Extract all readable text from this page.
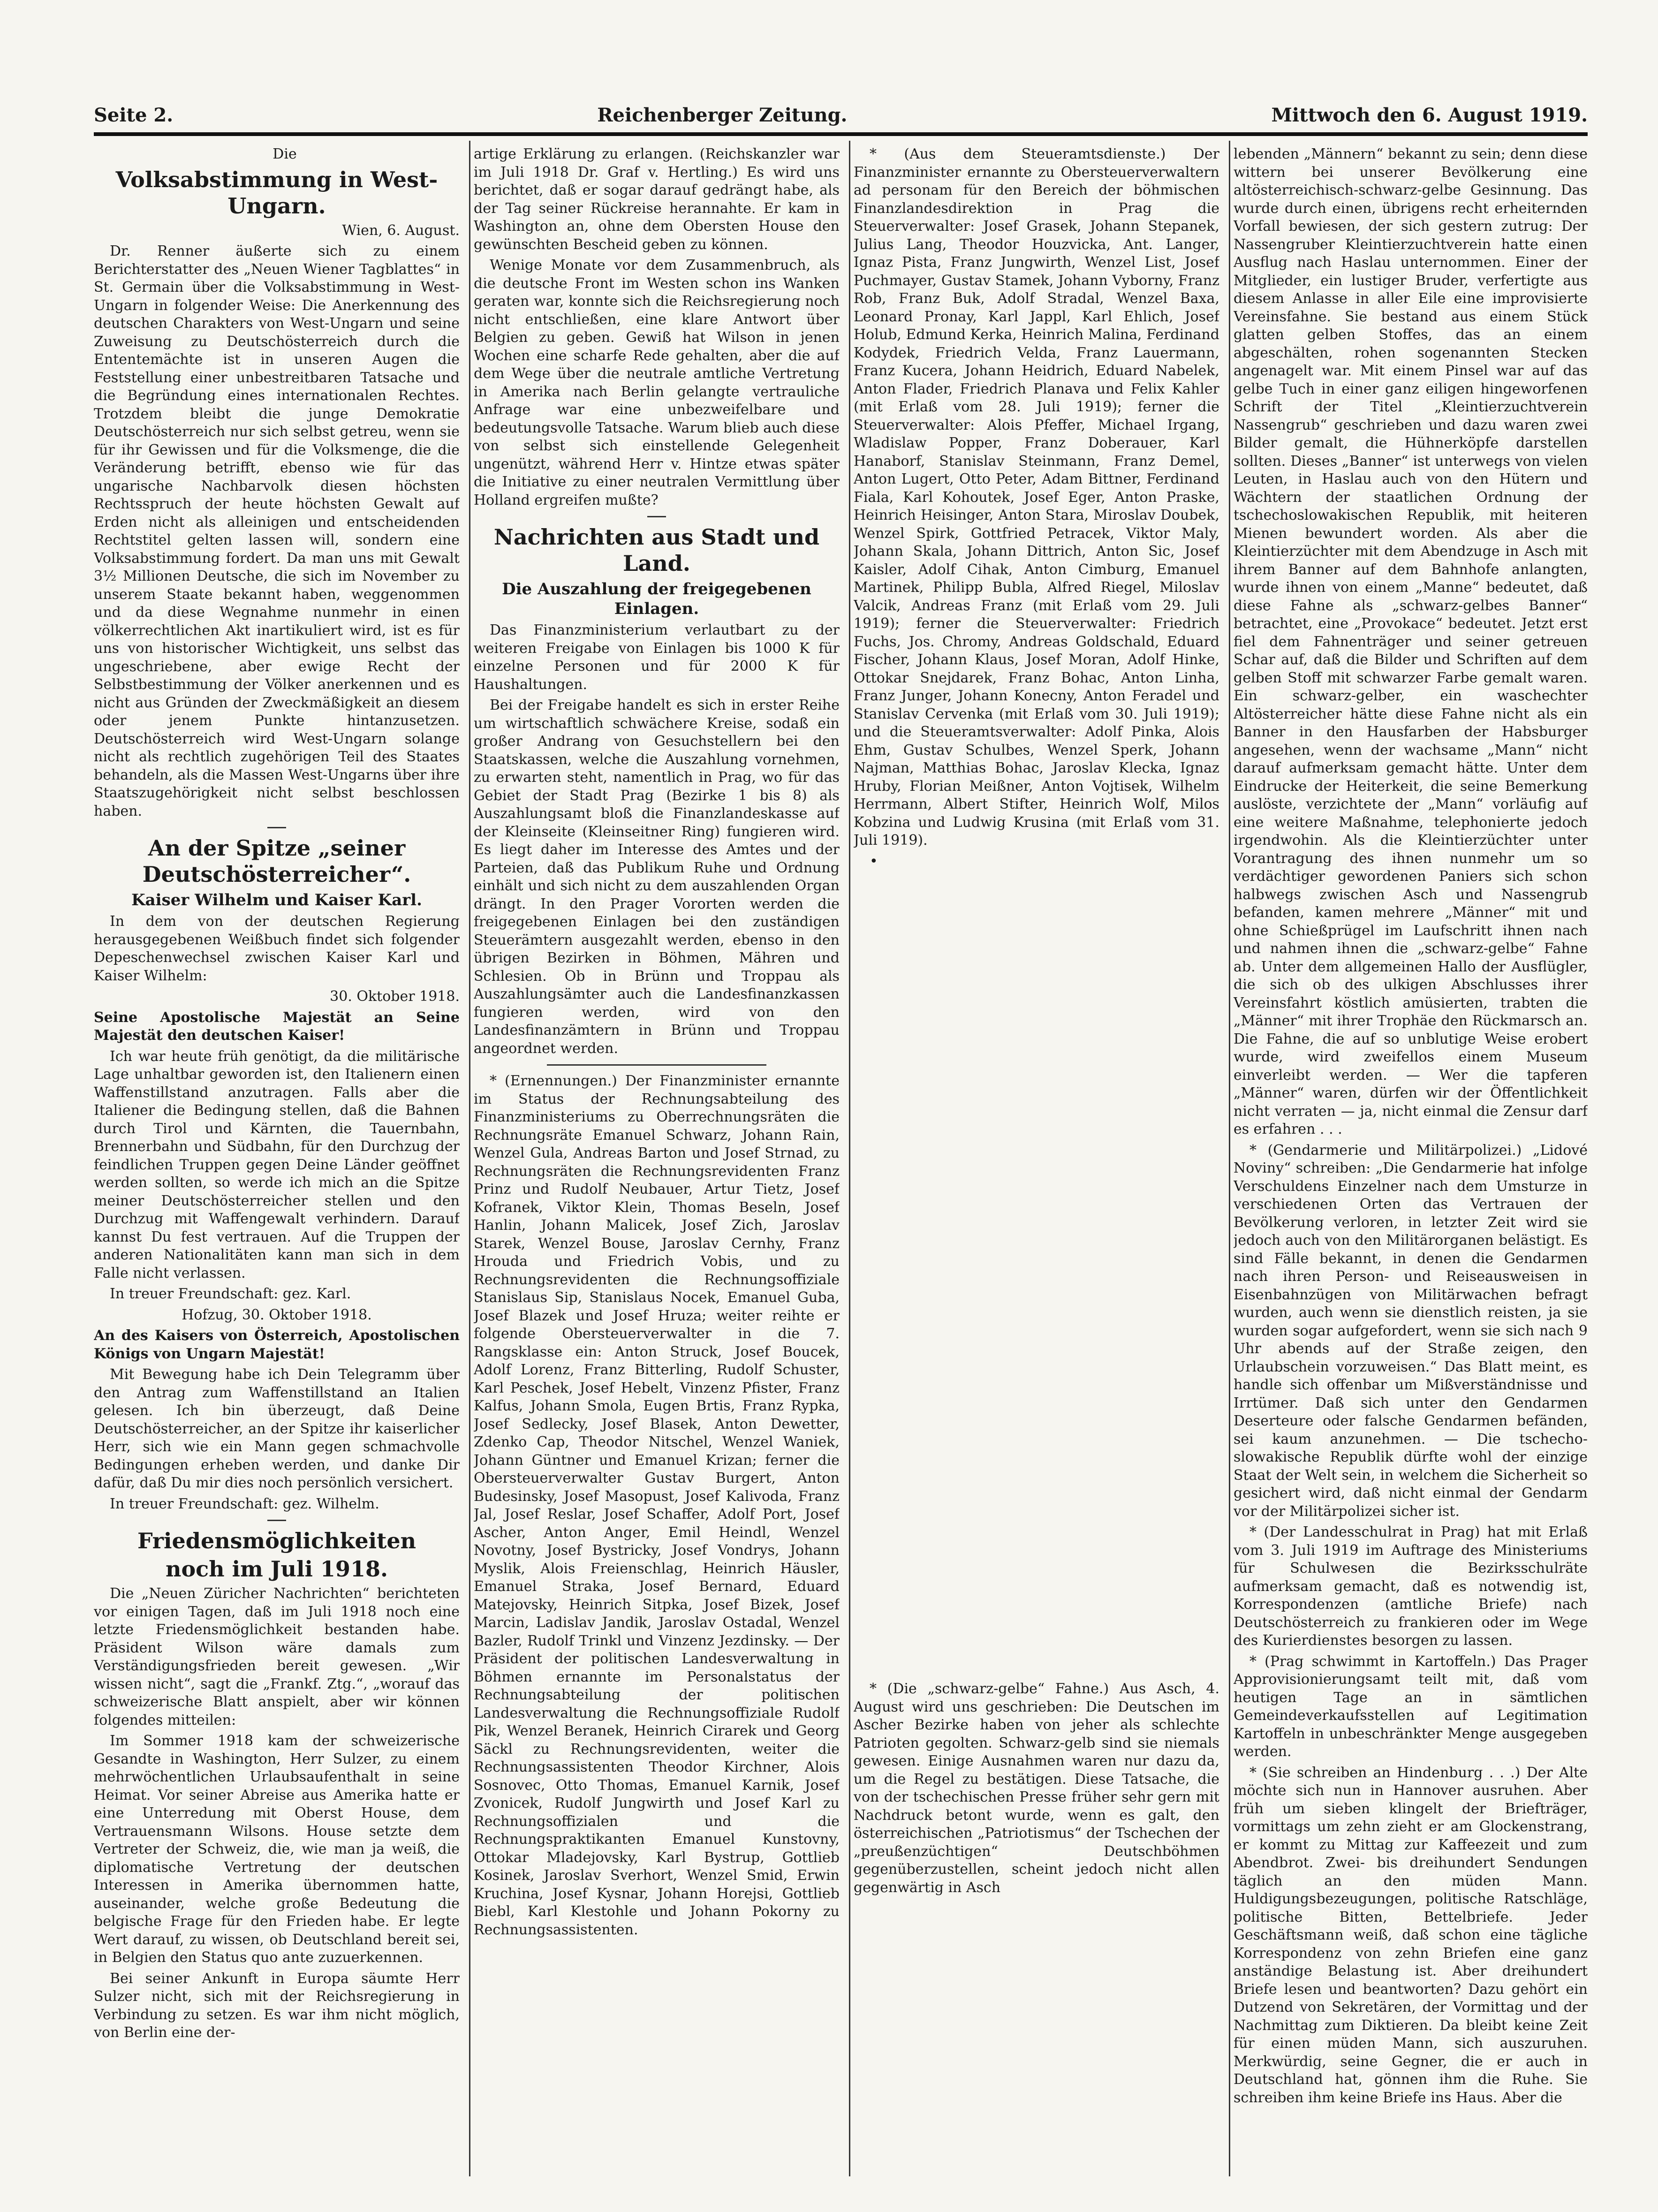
Seite 2.	Reichenberger Zeitung.	Mittwoch den 6. August 1919.

Die

Volksabstimmung in West-Ungarn.

Wien, 6. August.

Dr. Renner äußerte sich zu einem Berichterstatter des „Neuen Wiener Tagblattes“ in St. Germain über die Volksabstimmung in West-Ungarn in folgender Weise: Die Anerkennung des deutschen Charakters von West-Ungarn und seine Zuweisung zu Deutschösterreich durch die Ententemächte ist in unseren Augen die Feststellung einer unbestreitbaren Tatsache und die Begründung eines internationalen Rechtes. Trotzdem bleibt die junge Demokratie Deutschösterreich nur sich selbst getreu, wenn sie für ihr Gewissen und für die Volksmenge, die die Veränderung betrifft, ebenso wie für das ungarische Nachbarvolk diesen höchsten Rechtsspruch der heute höchsten Gewalt auf Erden nicht als alleinigen und entscheidenden Rechtstitel gelten lassen will, sondern eine Volksabstimmung fordert. Da man uns mit Gewalt 3½ Millionen Deutsche, die sich im November zu unserem Staate bekannt haben, weggenommen und da diese Wegnahme nunmehr in einen völkerrechtlichen Akt inartikuliert wird, ist es für uns von historischer Wichtigkeit, uns selbst das ungeschriebene, aber ewige Recht der Selbstbestimmung der Völker anerkennen und es nicht aus Gründen der Zweckmäßigkeit an diesem oder jenem Punkte hintanzusetzen. Deutschösterreich wird West-Ungarn solange nicht als rechtlich zugehörigen Teil des Staates behandeln, als die Massen West-Ungarns über ihre Staatszugehörigkeit nicht selbst beschlossen haben.

An der Spitze „seiner Deutschösterreicher“.
Kaiser Wilhelm und Kaiser Karl.

In dem von der deutschen Regierung herausgegebenen Weißbuch findet sich folgender Depeschenwechsel zwischen Kaiser Karl und Kaiser Wilhelm:

30. Oktober 1918.

Seine Apostolische Majestät an Seine Majestät den deutschen Kaiser!

Ich war heute früh genötigt, da die militärische Lage unhaltbar geworden ist, den Italienern einen Waffenstillstand anzutragen. Falls aber die Italiener die Bedingung stellen, daß die Bahnen durch Tirol und Kärnten, die Tauernbahn, Brennerbahn und Südbahn, für den Durchzug der feindlichen Truppen gegen Deine Länder geöffnet werden sollten, so werde ich mich an die Spitze meiner Deutschösterreicher stellen und den Durchzug mit Waffengewalt verhindern. Darauf kannst Du fest vertrauen. Auf die Truppen der anderen Nationalitäten kann man sich in dem Falle nicht verlassen.

In treuer Freundschaft: gez. Karl.

Hofzug, 30. Oktober 1918.

An des Kaisers von Österreich, Apostolischen Königs von Ungarn Majestät!

Mit Bewegung habe ich Dein Telegramm über den Antrag zum Waffenstillstand an Italien gelesen. Ich bin überzeugt, daß Deine Deutschösterreicher, an der Spitze ihr kaiserlicher Herr, sich wie ein Mann gegen schmachvolle Bedingungen erheben werden, und danke Dir dafür, daß Du mir dies noch persönlich versichert.

In treuer Freundschaft: gez. Wilhelm.

Friedensmöglichkeiten
noch im Juli 1918.

Die „Neuen Züricher Nachrichten“ berichteten vor einigen Tagen, daß im Juli 1918 noch eine letzte Friedensmöglichkeit bestanden habe. Präsident Wilson wäre damals zum Verständigungsfrieden bereit gewesen. „Wir wissen nicht“, sagt die „Frankf. Ztg.“, „worauf das schweizerische Blatt anspielt, aber wir können folgendes mitteilen:

Im Sommer 1918 kam der schweizerische Gesandte in Washington, Herr Sulzer, zu einem mehrwöchentlichen Urlaubsaufenthalt in seine Heimat. Vor seiner Abreise aus Amerika hatte er eine Unterredung mit Oberst House, dem Vertrauensmann Wilsons. House setzte dem Vertreter der Schweiz, die, wie man ja weiß, die diplomatische Vertretung der deutschen Interessen in Amerika übernommen hatte, auseinander, welche große Bedeutung die belgische Frage für den Frieden habe. Er legte Wert darauf, zu wissen, ob Deutschland bereit sei, in Belgien den Status quo ante zuzuerkennen.

Bei seiner Ankunft in Europa säumte Herr Sulzer nicht, sich mit der Reichsregierung in Verbindung zu setzen. Es war ihm nicht möglich, von Berlin eine der-

artige Erklärung zu erlangen. (Reichskanzler war im Juli 1918 Dr. Graf v. Hertling.) Es wird uns berichtet, daß er sogar darauf gedrängt habe, als der Tag seiner Rückreise herannahte. Er kam in Washington an, ohne dem Obersten House den gewünschten Bescheid geben zu können.

Wenige Monate vor dem Zusammenbruch, als die deutsche Front im Westen schon ins Wanken geraten war, konnte sich die Reichsregierung noch nicht entschließen, eine klare Antwort über Belgien zu geben. Gewiß hat Wilson in jenen Wochen eine scharfe Rede gehalten, aber die auf dem Wege über die neutrale amtliche Vertretung in Amerika nach Berlin gelangte vertrauliche Anfrage war eine unbezweifelbare und bedeutungsvolle Tatsache. Warum blieb auch diese von selbst sich einstellende Gelegenheit ungenützt, während Herr v. Hintze etwas später die Initiative zu einer neutralen Vermittlung über Holland ergreifen mußte?

Nachrichten aus Stadt und Land.
Die Auszahlung der freigegebenen Einlagen.

Das Finanzministerium verlautbart zu der weiteren Freigabe von Einlagen bis 1000 K für einzelne Personen und für 2000 K für Haushaltungen.

Bei der Freigabe handelt es sich in erster Reihe um wirtschaftlich schwächere Kreise, sodaß ein großer Andrang von Gesuchstellern bei den Staatskassen, welche die Auszahlung vornehmen, zu erwarten steht, namentlich in Prag, wo für das Gebiet der Stadt Prag (Bezirke 1 bis 8) als Auszahlungsamt bloß die Finanzlandeskasse auf der Kleinseite (Kleinseitner Ring) fungieren wird. Es liegt daher im Interesse des Amtes und der Parteien, daß das Publikum Ruhe und Ordnung einhält und sich nicht zu dem auszahlenden Organ drängt. In den Prager Vororten werden die freigegebenen Einlagen bei den zuständigen Steuerämtern ausgezahlt werden, ebenso in den übrigen Bezirken in Böhmen, Mähren und Schlesien. Ob in Brünn und Troppau als Auszahlungsämter auch die Landesfinanzkassen fungieren werden, wird von den Landesfinanzämtern in Brünn und Troppau angeordnet werden.

* (Ernennungen.) Der Finanzminister ernannte im Status der Rechnungsabteilung des Finanzministeriums zu Oberrechnungsräten die Rechnungsräte Emanuel Schwarz, Johann Rain, Wenzel Gula, Andreas Barton und Josef Strnad, zu Rechnungsräten die Rechnungsrevidenten Franz Prinz und Rudolf Neubauer, Artur Tietz, Josef Kofranek, Viktor Klein, Thomas Beseln, Josef Hanlin, Johann Malicek, Josef Zich, Jaroslav Starek, Wenzel Bouse, Jaroslav Cernhy, Franz Hrouda und Friedrich Vobis, und zu Rechnungsrevidenten die Rechnungsoffiziale Stanislaus Sip, Stanislaus Nocek, Emanuel Guba, Josef Blazek und Josef Hruza; weiter reihte er folgende Obersteuerverwalter in die 7. Rangsklasse ein: Anton Struck, Josef Boucek, Adolf Lorenz, Franz Bitterling, Rudolf Schuster, Karl Peschek, Josef Hebelt, Vinzenz Pfister, Franz Kalfus, Johann Smola, Eugen Brtis, Franz Rypka, Josef Sedlecky, Josef Blasek, Anton Dewetter, Zdenko Cap, Theodor Nitschel, Wenzel Waniek, Johann Güntner und Emanuel Krizan; ferner die Obersteuerverwalter Gustav Burgert, Anton Budesinsky, Josef Masopust, Josef Kalivoda, Franz Jal, Josef Reslar, Josef Schaffer, Adolf Port, Josef Ascher, Anton Anger, Emil Heindl, Wenzel Novotny, Josef Bystricky, Josef Vondrys, Johann Myslik, Alois Freienschlag, Heinrich Häusler, Emanuel Straka, Josef Bernard, Eduard Matejovsky, Heinrich Sitpka, Josef Bizek, Josef Marcin, Ladislav Jandik, Jaroslav Ostadal, Wenzel Bazler, Rudolf Trinkl und Vinzenz Jezdinsky. — Der Präsident der politischen Landesverwaltung in Böhmen ernannte im Personalstatus der Rechnungsabteilung der politischen Landesverwaltung die Rechnungsoffiziale Rudolf Pik, Wenzel Beranek, Heinrich Cirarek und Georg Säckl zu Rechnungsrevidenten, weiter die Rechnungsassistenten Theodor Kirchner, Alois Sosnovec, Otto Thomas, Emanuel Karnik, Josef Zvonicek, Rudolf Jungwirth und Josef Karl zu Rechnungsoffizialen und die Rechnungspraktikanten Emanuel Kunstovny, Ottokar Mladejovsky, Karl Bystrup, Gottlieb Kosinek, Jaroslav Sverhort, Wenzel Smid, Erwin Kruchina, Josef Kysnar, Johann Horejsi, Gottlieb Biebl, Karl Klestohle und Johann Pokorny zu Rechnungsassistenten.

* (Aus dem Steueramtsdienste.) Der Finanzminister ernannte zu Obersteuerverwaltern ad personam für den Bereich der böhmischen Finanzlandesdirektion in Prag die Steuerverwalter: Josef Grasek, Johann Stepanek, Julius Lang, Theodor Houzvicka, Ant. Langer, Ignaz Pista, Franz Jungwirth, Wenzel List, Josef Puchmayer, Gustav Stamek, Johann Vyborny, Franz Rob, Franz Buk, Adolf Stradal, Wenzel Baxa, Leonard Pronay, Karl Jappl, Karl Ehlich, Josef Holub, Edmund Kerka, Heinrich Malina, Ferdinand Kodydek, Friedrich Velda, Franz Lauermann, Franz Kucera, Johann Heidrich, Eduard Nabelek, Anton Flader, Friedrich Planava und Felix Kahler (mit Erlaß vom 28. Juli 1919); ferner die Steuerverwalter: Alois Pfeffer, Michael Irgang, Wladislaw Popper, Franz Doberauer, Karl Hanaborf, Stanislav Steinmann, Franz Demel, Anton Lugert, Otto Peter, Adam Bittner, Ferdinand Fiala, Karl Kohoutek, Josef Eger, Anton Praske, Heinrich Heisinger, Anton Stara, Miroslav Doubek, Wenzel Spirk, Gottfried Petracek, Viktor Maly, Johann Skala, Johann Dittrich, Anton Sic, Josef Kaisler, Adolf Cihak, Anton Cimburg, Emanuel Martinek, Philipp Bubla, Alfred Riegel, Miloslav Valcik, Andreas Franz (mit Erlaß vom 29. Juli 1919); ferner die Steuerverwalter: Friedrich Fuchs, Jos. Chromy, Andreas Goldschald, Eduard Fischer, Johann Klaus, Josef Moran, Adolf Hinke, Ottokar Snejdarek, Franz Bohac, Anton Linha, Franz Junger, Johann Konecny, Anton Feradel und Stanislav Cervenka (mit Erlaß vom 30. Juli 1919); und die Steueramtsverwalter: Adolf Pinka, Alois Ehm, Gustav Schulbes, Wenzel Sperk, Johann Najman, Matthias Bohac, Jaroslav Klecka, Ignaz Hruby, Florian Meißner, Anton Vojtisek, Wilhelm Herrmann, Albert Stifter, Heinrich Wolf, Milos Kobzina und Ludwig Krusina (mit Erlaß vom 31. Juli 1919).

•

* (Die „schwarz-gelbe“ Fahne.) Aus Asch, 4. August wird uns geschrieben: Die Deutschen im Ascher Bezirke haben von jeher als schlechte Patrioten gegolten. Schwarz-gelb sind sie niemals gewesen. Einige Ausnahmen waren nur dazu da, um die Regel zu bestätigen. Diese Tatsache, die von der tschechischen Presse früher sehr gern mit Nachdruck betont wurde, wenn es galt, den österreichischen „Patriotismus“ der Tschechen der „preußenzüchtigen“ Deutschböhmen gegenüberzustellen, scheint jedoch nicht allen gegenwärtig in Asch

lebenden „Männern“ bekannt zu sein; denn diese wittern bei unserer Bevölkerung eine altösterreichisch-schwarz-gelbe Gesinnung. Das wurde durch einen, übrigens recht erheiternden Vorfall bewiesen, der sich gestern zutrug: Der Nassengruber Kleintierzuchtverein hatte einen Ausflug nach Haslau unternommen. Einer der Mitglieder, ein lustiger Bruder, verfertigte aus diesem Anlasse in aller Eile eine improvisierte Vereinsfahne. Sie bestand aus einem Stück glatten gelben Stoffes, das an einem abgeschälten, rohen sogenannten Stecken angenagelt war. Mit einem Pinsel war auf das gelbe Tuch in einer ganz eiligen hingeworfenen Schrift der Titel „Kleintierzuchtverein Nassengrub“ geschrieben und dazu waren zwei Bilder gemalt, die Hühnerköpfe darstellen sollten. Dieses „Banner“ ist unterwegs von vielen Leuten, in Haslau auch von den Hütern und Wächtern der staatlichen Ordnung der tschechoslowakischen Republik, mit heiteren Mienen bewundert worden. Als aber die Kleintierzüchter mit dem Abendzuge in Asch mit ihrem Banner auf dem Bahnhofe anlangten, wurde ihnen von einem „Manne“ bedeutet, daß diese Fahne als „schwarz-gelbes Banner“ betrachtet, eine „Provokace“ bedeutet. Jetzt erst fiel dem Fahnenträger und seiner getreuen Schar auf, daß die Bilder und Schriften auf dem gelben Stoff mit schwarzer Farbe gemalt waren. Ein schwarz-gelber, ein waschechter Altösterreicher hätte diese Fahne nicht als ein Banner in den Hausfarben der Habsburger angesehen, wenn der wachsame „Mann“ nicht darauf aufmerksam gemacht hätte. Unter dem Eindrucke der Heiterkeit, die seine Bemerkung auslöste, verzichtete der „Mann“ vorläufig auf eine weitere Maßnahme, telephonierte jedoch irgendwohin. Als die Kleintierzüchter unter Vorantragung des ihnen nunmehr um so verdächtiger gewordenen Paniers sich schon halbwegs zwischen Asch und Nassengrub befanden, kamen mehrere „Männer“ mit und ohne Schießprügel im Laufschritt ihnen nach und nahmen ihnen die „schwarz-gelbe“ Fahne ab. Unter dem allgemeinen Hallo der Ausflügler, die sich ob des ulkigen Abschlusses ihrer Vereinsfahrt köstlich amüsierten, trabten die „Männer“ mit ihrer Trophäe den Rückmarsch an. Die Fahne, die auf so unblutige Weise erobert wurde, wird zweifellos einem Museum einverleibt werden. — Wer die tapferen „Männer“ waren, dürfen wir der Öffentlichkeit nicht verraten — ja, nicht einmal die Zensur darf es erfahren . . .

* (Gendarmerie und Militärpolizei.) „Lidové Noviny“ schreiben: „Die Gendarmerie hat infolge Verschuldens Einzelner nach dem Umsturze in verschiedenen Orten das Vertrauen der Bevölkerung verloren, in letzter Zeit wird sie jedoch auch von den Militärorganen belästigt. Es sind Fälle bekannt, in denen die Gendarmen nach ihren Person- und Reiseausweisen in Eisenbahnzügen von Militärwachen befragt wurden, auch wenn sie dienstlich reisten, ja sie wurden sogar aufgefordert, wenn sie sich nach 9 Uhr abends auf der Straße zeigen, den Urlaubschein vorzuweisen.“ Das Blatt meint, es handle sich offenbar um Mißverständnisse und Irrtümer. Daß sich unter den Gendarmen Deserteure oder falsche Gendarmen befänden, sei kaum anzunehmen. — Die tschecho-slowakische Republik dürfte wohl der einzige Staat der Welt sein, in welchem die Sicherheit so gesichert wird, daß nicht einmal der Gendarm vor der Militärpolizei sicher ist.

* (Der Landesschulrat in Prag) hat mit Erlaß vom 3. Juli 1919 im Auftrage des Ministeriums für Schulwesen die Bezirksschulräte aufmerksam gemacht, daß es notwendig ist, Korrespondenzen (amtliche Briefe) nach Deutschösterreich zu frankieren oder im Wege des Kurierdienstes besorgen zu lassen.

* (Prag schwimmt in Kartoffeln.) Das Prager Approvisionierungsamt teilt mit, daß vom heutigen Tage an in sämtlichen Gemeindeverkaufsstellen auf Legitimation Kartoffeln in unbeschränkter Menge ausgegeben werden.

* (Sie schreiben an Hindenburg . . .) Der Alte möchte sich nun in Hannover ausruhen. Aber früh um sieben klingelt der Briefträger, vormittags um zehn zieht er am Glockenstrang, er kommt zu Mittag zur Kaffeezeit und zum Abendbrot. Zwei- bis dreihundert Sendungen täglich an den müden Mann. Huldigungsbezeugungen, politische Ratschläge, politische Bitten, Bettelbriefe. Jeder Geschäftsmann weiß, daß schon eine tägliche Korrespondenz von zehn Briefen eine ganz anständige Belastung ist. Aber dreihundert Briefe lesen und beantworten? Dazu gehört ein Dutzend von Sekretären, der Vormittag und der Nachmittag zum Diktieren. Da bleibt keine Zeit für einen müden Mann, sich auszuruhen. Merkwürdig, seine Gegner, die er auch in Deutschland hat, gönnen ihm die Ruhe. Sie schreiben ihm keine Briefe ins Haus. Aber die
